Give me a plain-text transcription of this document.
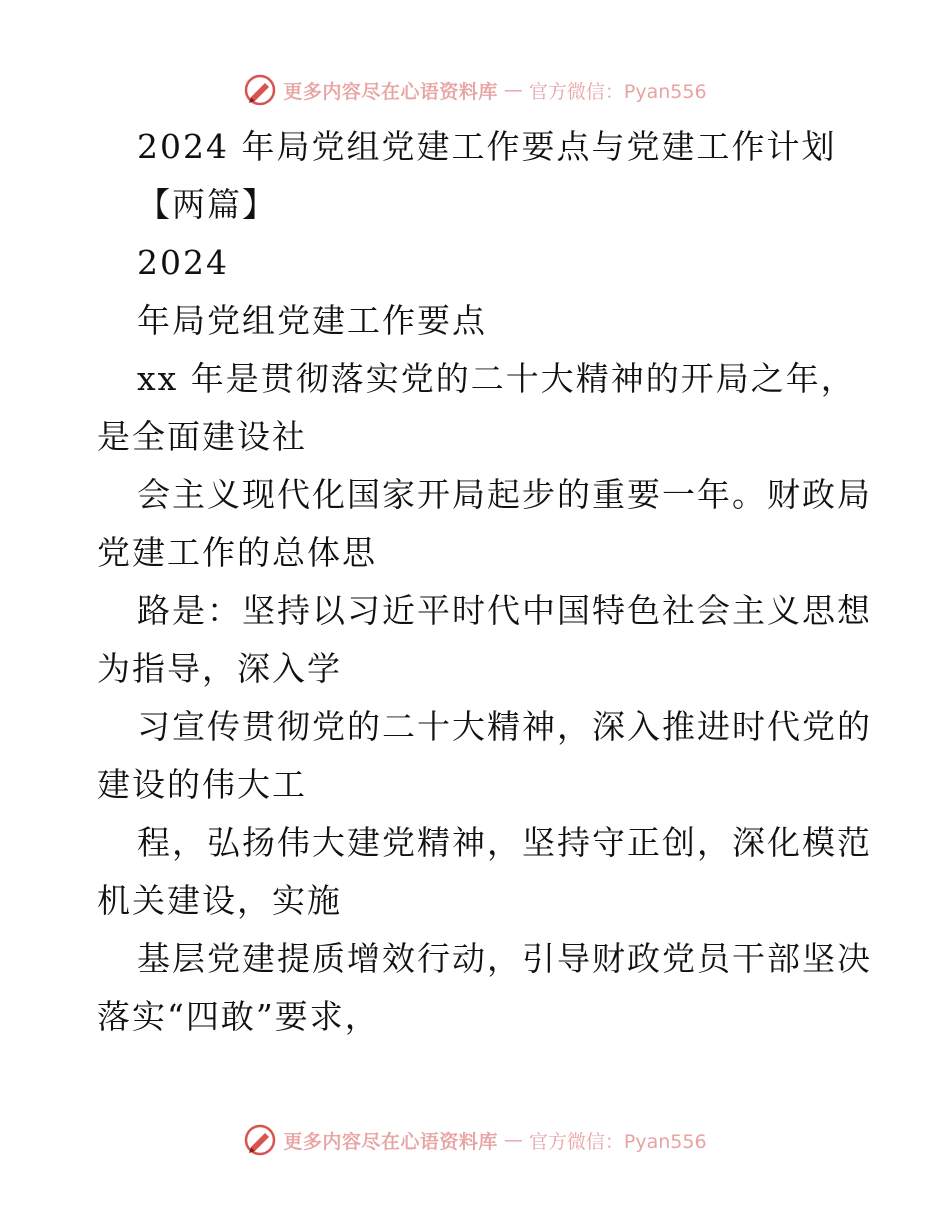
更多内容尽在心语资料库 — 官方微信：Pyan556
2024 年局党组党建工作要点与党建工作计划
【两篇】
2024
年局党组党建工作要点
xx 年是贯彻落实党的二十大精神的开局之年，
是全面建设社
会主义现代化国家开局起步的重要一年。财政局
党建工作的总体思
路是：坚持以习近平时代中国特色社会主义思想
为指导，深入学
习宣传贯彻党的二十大精神，深入推进时代党的
建设的伟大工
程，弘扬伟大建党精神，坚持守正创，深化模范
机关建设，实施
基层党建提质增效行动，引导财政党员干部坚决
落实“四敢”要求，
更多内容尽在心语资料库 — 官方微信：Pyan556
